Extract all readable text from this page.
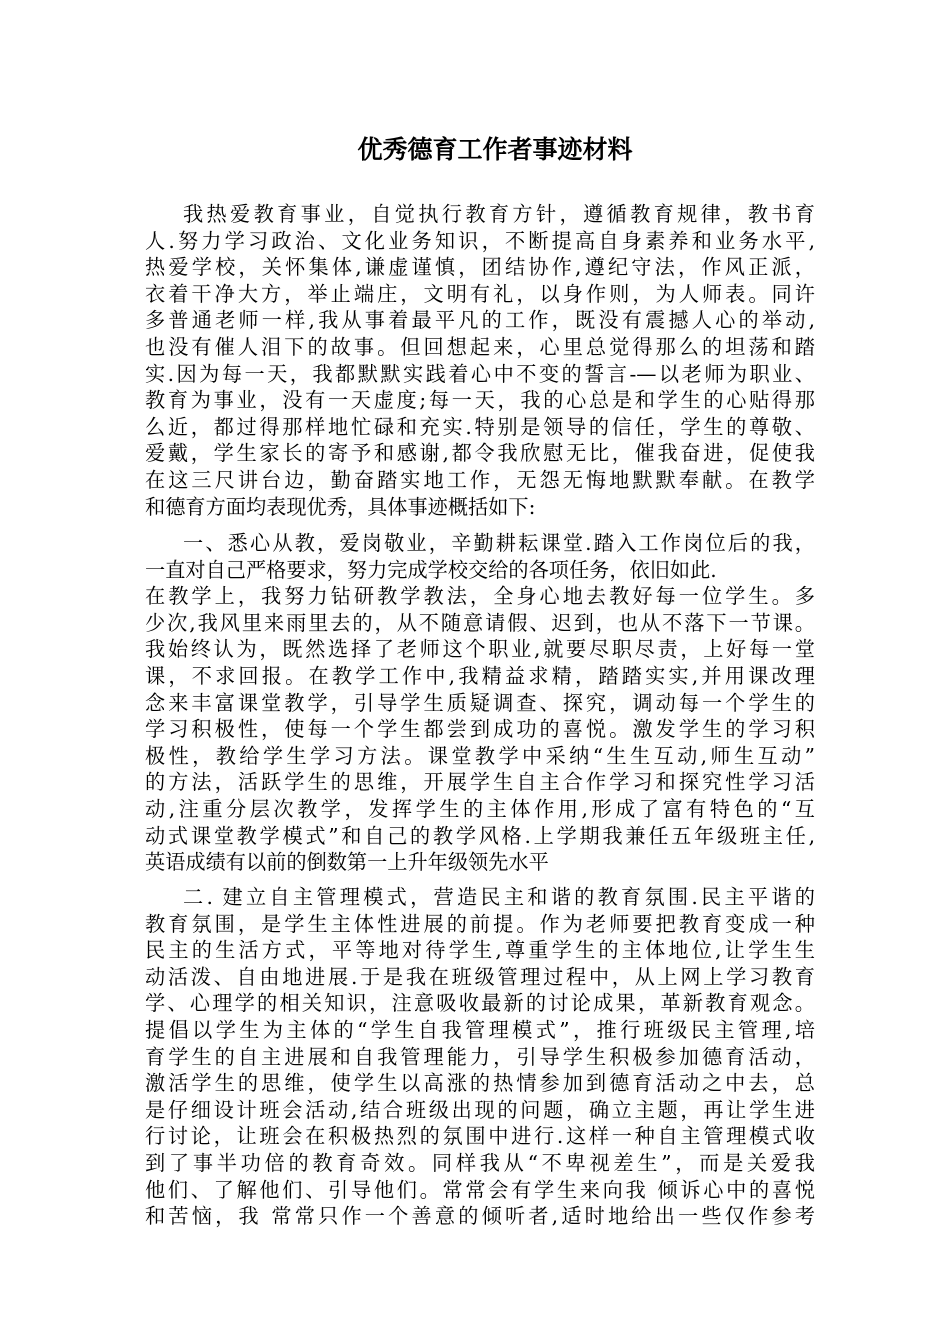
优秀德育工作者事迹材料
我热爱教育事业，自觉执行教育方针，遵循教育规律，教书育
人.努力学习政治、文化业务知识，不断提高自身素养和业务水平,
热爱学校，关怀集体,谦虚谨慎，团结协作,遵纪守法，作风正派，
衣着干净大方，举止端庄，文明有礼，以身作则，为人师表。同许
多普通老师一样,我从事着最平凡的工作，既没有震撼人心的举动,
也没有催人泪下的故事。但回想起来，心里总觉得那么的坦荡和踏
实.因为每一天，我都默默实践着心中不变的誓言-—以老师为职业、
教育为事业，没有一天虚度;每一天，我的心总是和学生的心贴得那
么近，都过得那样地忙碌和充实.特别是领导的信任，学生的尊敬、
爱戴，学生家长的寄予和感谢,都令我欣慰无比，催我奋进，促使我
在这三尺讲台边，勤奋踏实地工作，无怨无悔地默默奉献。在教学
和德育方面均表现优秀，具体事迹概括如下:
一、悉心从教，爱岗敬业，辛勤耕耘课堂.踏入工作岗位后的我，
一直对自己严格要求，努力完成学校交给的各项任务，依旧如此.
在教学上，我努力钻研教学教法，全身心地去教好每一位学生。多
少次,我风里来雨里去的，从不随意请假、迟到，也从不落下一节课。
我始终认为，既然选择了老师这个职业,就要尽职尽责，上好每一堂
课，不求回报。在教学工作中,我精益求精，踏踏实实,并用课改理
念来丰富课堂教学，引导学生质疑调查、探究，调动每一个学生的
学习积极性，使每一个学生都尝到成功的喜悦。激发学生的学习积
极性，教给学生学习方法。课堂教学中采纳“生生互动,师生互动”
的方法，活跃学生的思维，开展学生自主合作学习和探究性学习活
动,注重分层次教学，发挥学生的主体作用,形成了富有特色的“互
动式课堂教学模式”和自己的教学风格.上学期我兼任五年级班主任,
英语成绩有以前的倒数第一上升年级领先水平
二. 建立自主管理模式，营造民主和谐的教育氛围.民主平谐的
教育氛围，是学生主体性进展的前提。作为老师要把教育变成一种
民主的生活方式，平等地对待学生,尊重学生的主体地位,让学生生
动活泼、自由地进展.于是我在班级管理过程中，从上网上学习教育
学、心理学的相关知识，注意吸收最新的讨论成果，革新教育观念。
提倡以学生为主体的“学生自我管理模式”，推行班级民主管理,培
育学生的自主进展和自我管理能力，引导学生积极参加德育活动，
激活学生的思维，使学生以高涨的热情参加到德育活动之中去，总
是仔细设计班会活动,结合班级出现的问题，确立主题，再让学生进
行讨论，让班会在积极热烈的氛围中进行.这样一种自主管理模式收
到了事半功倍的教育奇效。同样我从“不卑视差生”，而是关爱我
他们、了解他们、引导他们。常常会有学生来向我 倾诉心中的喜悦
和苦恼，我 常常只作一个善意的倾听者,适时地给出一些仅作参考
